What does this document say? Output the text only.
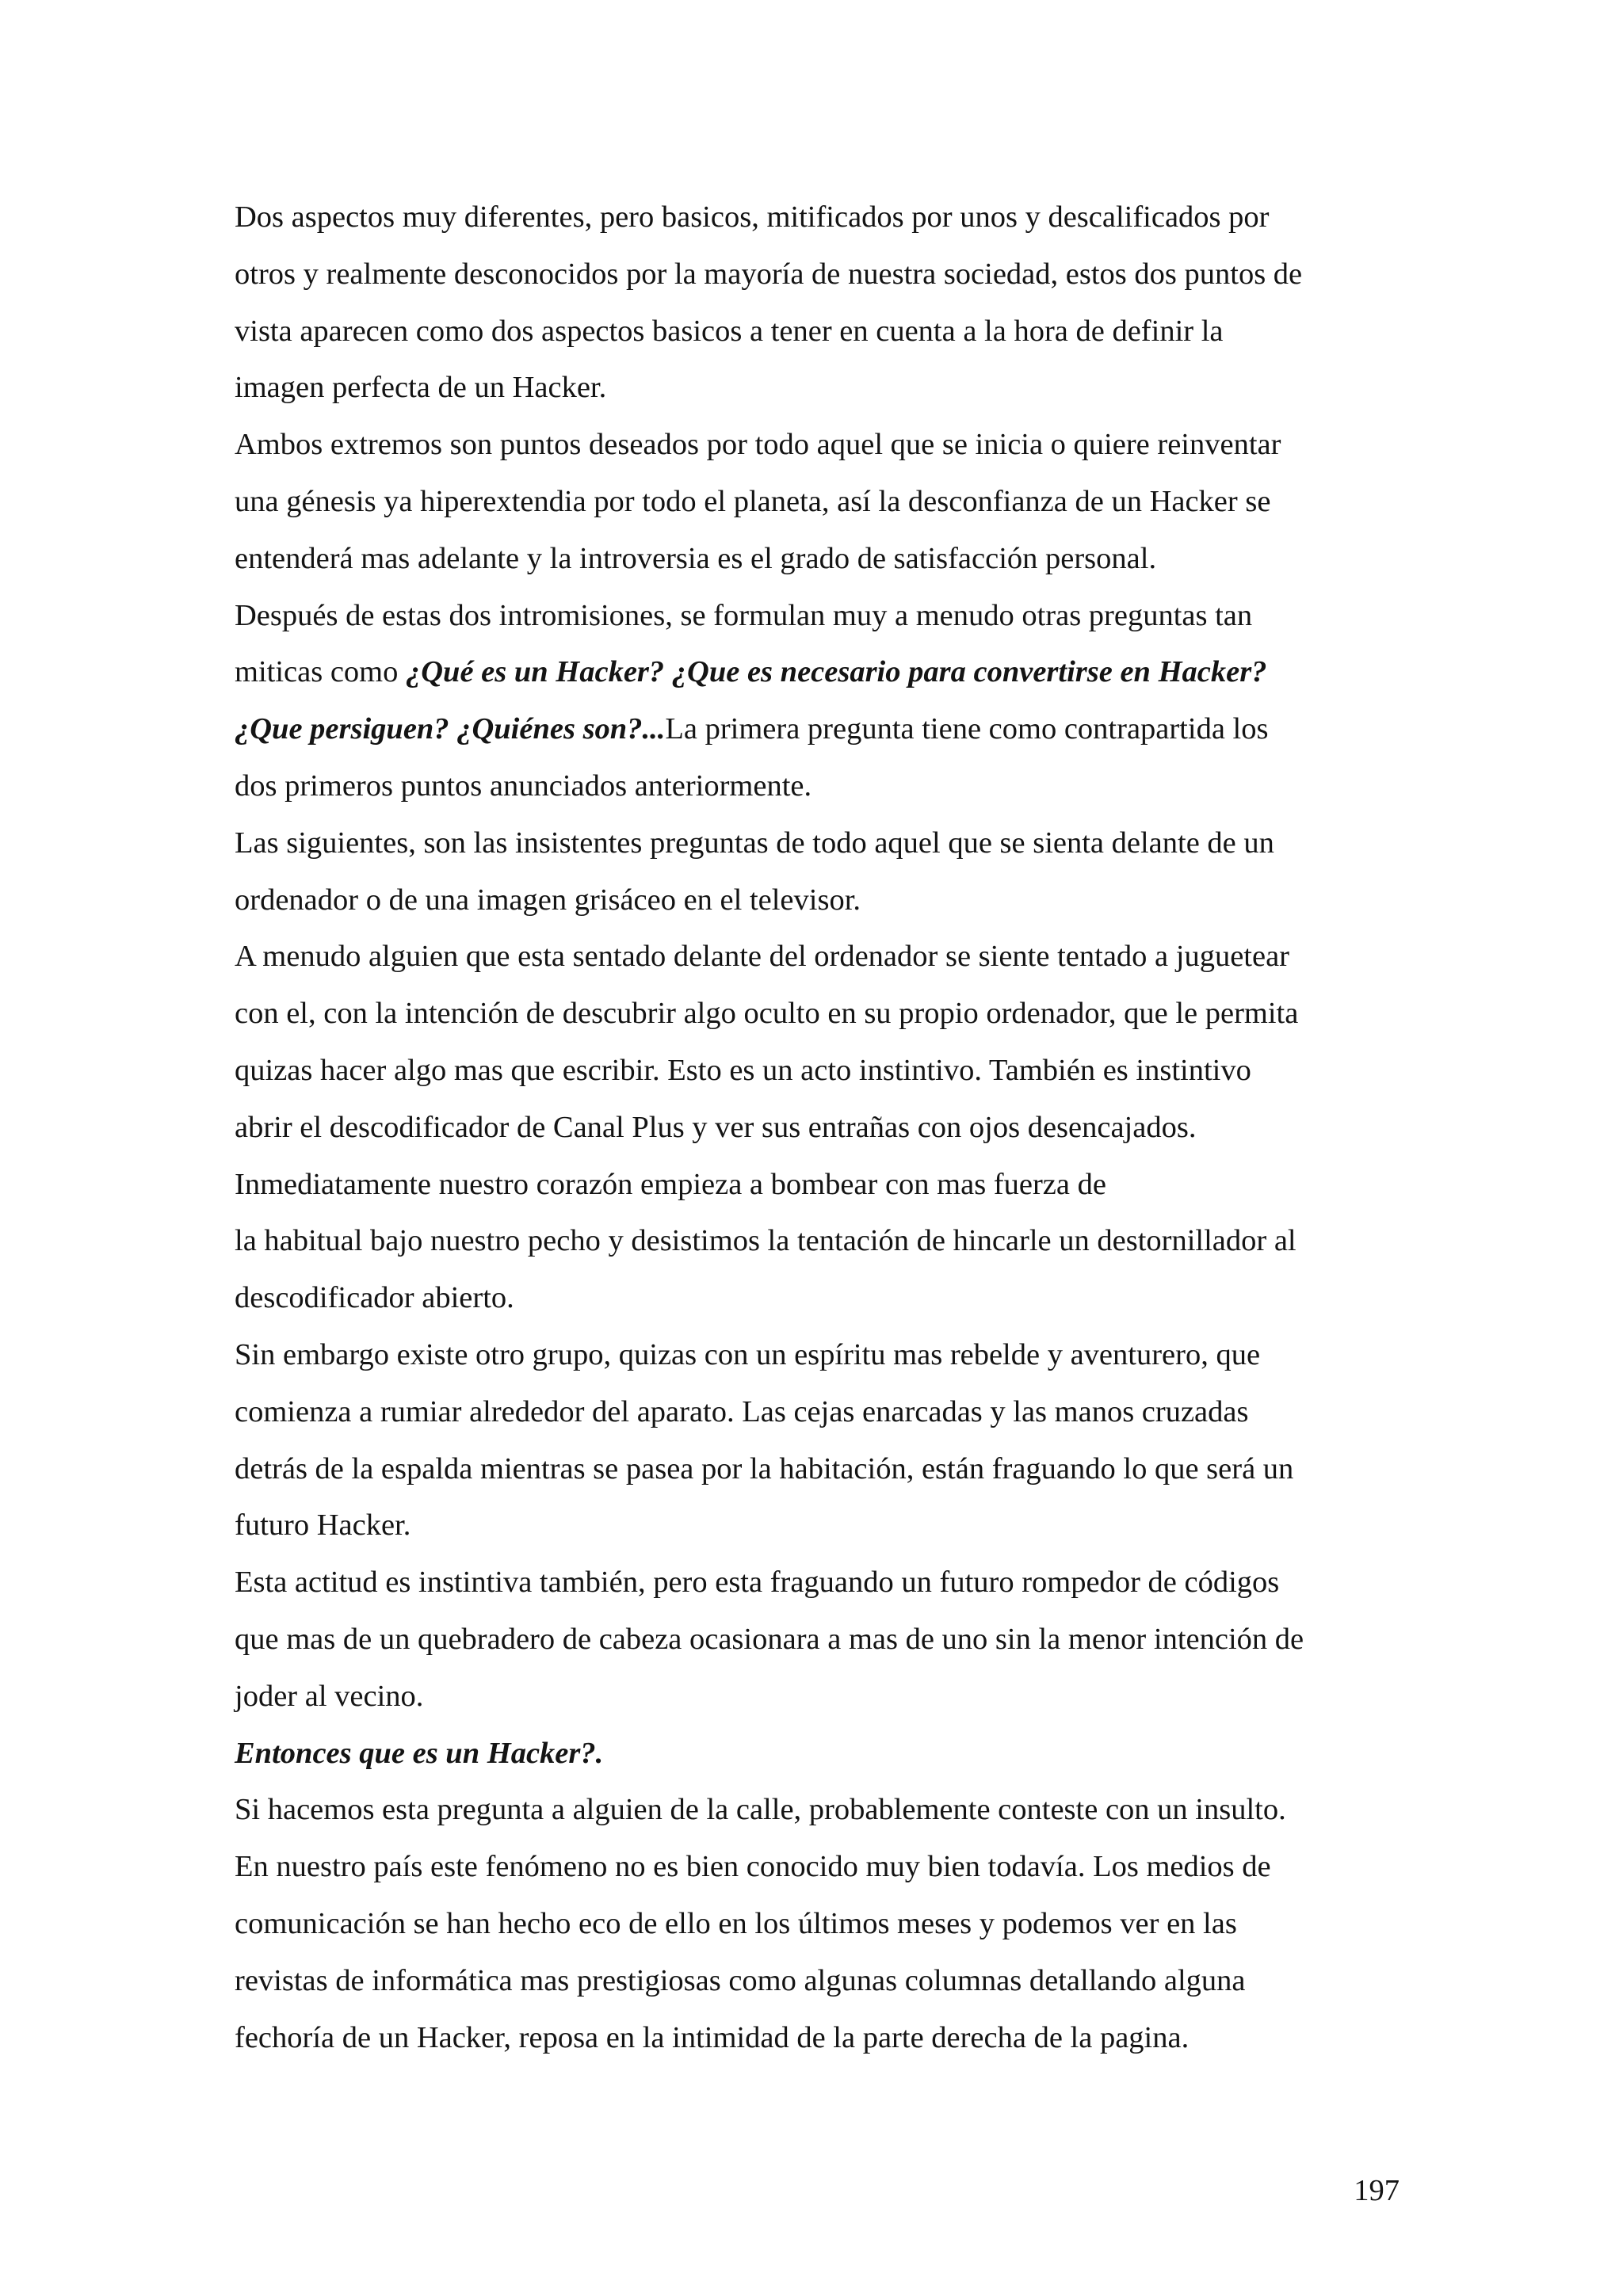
Dos aspectos muy diferentes, pero basicos, mitificados por unos y descalificados por
otros y realmente desconocidos por la mayoría de nuestra sociedad, estos dos puntos de
vista aparecen como dos aspectos basicos a tener en cuenta a la hora de definir la
imagen perfecta de un Hacker.
Ambos extremos son puntos deseados por todo aquel que se inicia o quiere reinventar
una génesis ya hiperextendia por todo el planeta, así la desconfianza de un Hacker se
entenderá mas adelante y la introversia es el grado de satisfacción personal.
Después de estas dos intromisiones, se formulan muy a menudo otras preguntas tan
miticas como ¿Qué es un Hacker? ¿Que es necesario para convertirse en Hacker?
¿Que persiguen? ¿Quiénes son?...La primera pregunta tiene como contrapartida los
dos primeros puntos anunciados anteriormente.
Las siguientes, son las insistentes preguntas de todo aquel que se sienta delante de un
ordenador o de una imagen grisáceo en el televisor.
A menudo alguien que esta sentado delante del ordenador se siente tentado a juguetear
con el, con la intención de descubrir algo oculto en su propio ordenador, que le permita
quizas hacer algo mas que escribir. Esto es un acto instintivo. También es instintivo
abrir el descodificador de Canal Plus y ver sus entrañas con ojos desencajados.
Inmediatamente nuestro corazón empieza a bombear con mas fuerza de
la habitual bajo nuestro pecho y desistimos la tentación de hincarle un destornillador al
descodificador abierto.
Sin embargo existe otro grupo, quizas con un espíritu mas rebelde y aventurero, que
comienza a rumiar alrededor del aparato. Las cejas enarcadas y las manos cruzadas
detrás de la espalda mientras se pasea por la habitación, están fraguando lo que será un
futuro Hacker.
Esta actitud es instintiva también, pero esta fraguando un futuro rompedor de códigos
que mas de un quebradero de cabeza ocasionara a mas de uno sin la menor intención de
joder al vecino.
Entonces que es un Hacker?.
Si hacemos esta pregunta a alguien de la calle, probablemente conteste con un insulto.
En nuestro país este fenómeno no es bien conocido muy bien todavía. Los medios de
comunicación se han hecho eco de ello en los últimos meses y podemos ver en las
revistas de informática mas prestigiosas como algunas columnas detallando alguna
fechoría de un Hacker, reposa en la intimidad de la parte derecha de la pagina.
197
